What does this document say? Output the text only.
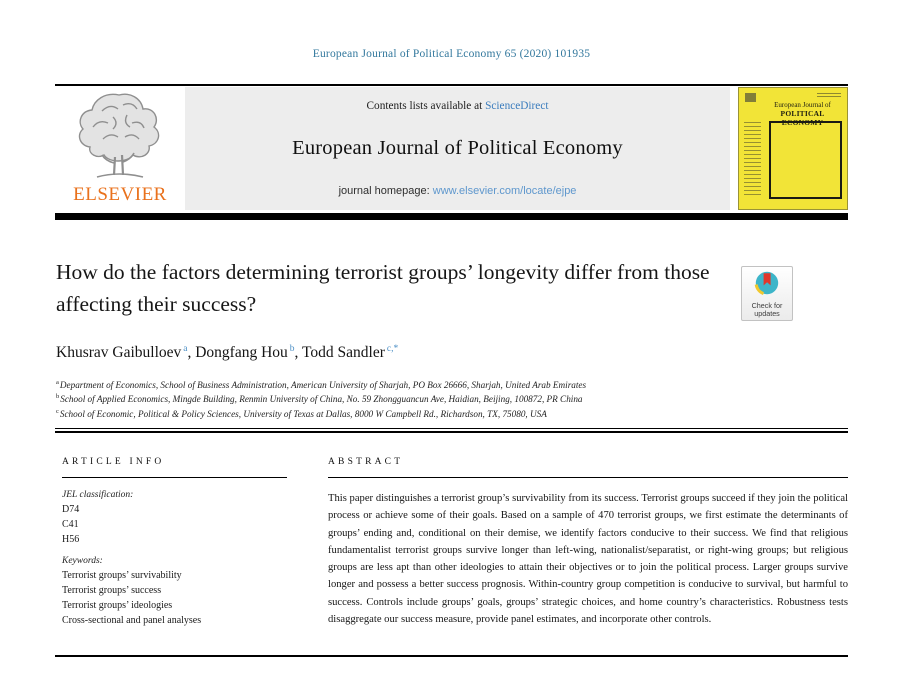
European Journal of Political Economy 65 (2020) 101935
ELSEVIER
Contents lists available at ScienceDirect
European Journal of Political Economy
journal homepage: www.elsevier.com/locate/ejpe
European Journal of
POLITICAL ECONOMY
How do the factors determining terrorist groups’ longevity differ from those affecting their success?	Check for
updates
Khusrav Gaibulloev $^a$, Dongfang Hou $^b$, Todd Sandler $^{c,*}$
$^a$Department of Economics, School of Business Administration, American University of Sharjah, PO Box 26666, Sharjah, United Arab Emirates
$^b$School of Applied Economics, Mingde Building, Renmin University of China, No. 59 Zhongguancun Ave, Haidian, Beijing, 100872, PR China
$^c$School of Economic, Political & Policy Sciences, University of Texas at Dallas, 8000 W Campbell Rd., Richardson, TX, 75080, USA
ARTICLE INFO
JEL classification:
D74
C41
H56
Keywords:
Terrorist groups’ survivability
Terrorist groups’ success
Terrorist groups’ ideologies
Cross-sectional and panel analyses
ABSTRACT

This paper distinguishes a terrorist group’s survivability from its success. Terrorist groups succeed if they join the political process or achieve some of their goals. Based on a sample of 470 terrorist groups, we first estimate the determinants of groups’ ending and, conditional on their demise, we identify factors conducive to their success. We find that religious fundamentalist terrorist groups survive longer than left-wing, nationalist/separatist, or right-wing groups; but religious groups are less apt than other ideologies to attain their objectives or to join the political process. Larger groups survive longer and possess a better success prognosis. Within-country group competition is conducive to survival, but harmful to success. Controls include groups’ goals, groups’ strategic choices, and home country’s characteristics. Robustness tests disaggregate our success measure, provide panel estimates, and incorporate other controls.
